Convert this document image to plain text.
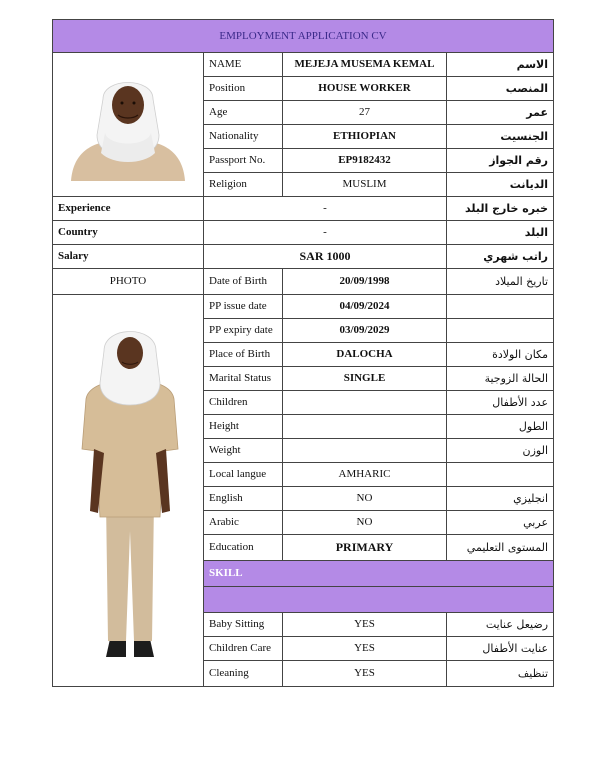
EMPLOYMENT APPLICATION CV			

	NAME	MEJEJA MUSEMA KEMAL	الاسم
	Position	HOUSE WORKER	المنصب
	Age	27	عمر
	Nationality	ETHIOPIAN	الجنسيت
	Passport No.	EP9182432	رقم الجواز
	Religion	MUSLIM	الديانت
Experience	-		خبره خارج البلد
Country	-		البلد
Salary	SAR 1000		راتب شهري
PHOTO	Date of Birth	20/09/1998	تاريخ الميلاد

	PP issue date	04/09/2024	
	PP expiry date	03/09/2029	
	Place of Birth	DALOCHA	مكان الولادة
	Marital Status	SINGLE	الحالة الزوجية
	Children		عدد الأطفال
	Height		الطول
	Weight		الوزن
	Local langue	AMHARIC	
	English	NO	انجليزي
	Arabic	NO	عربي
	Education	PRIMARY	المستوى التعليمي
	SKILL		

	Baby Sitting	YES	رضيعل عنايت
	Children Care	YES	عنايت الأطفال
	Cleaning	YES	تنظيف
